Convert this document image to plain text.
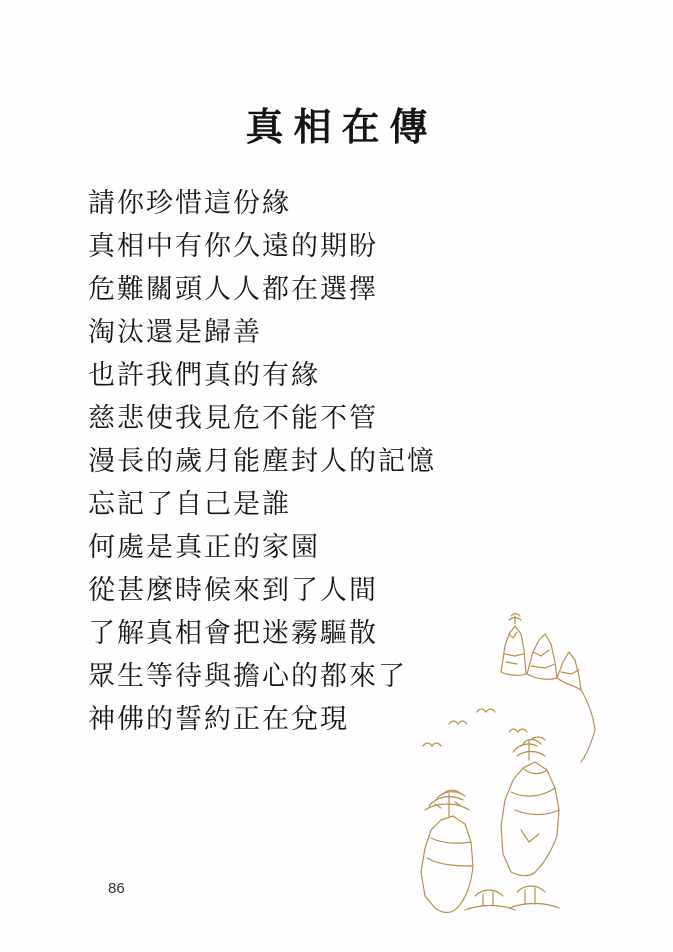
真相在傳
請你珍惜這份緣
真相中有你久遠的期盼
危難關頭人人都在選擇
淘汰還是歸善
也許我們真的有緣
慈悲使我見危不能不管
漫長的歲月能塵封人的記憶
忘記了自己是誰
何處是真正的家園
從甚麼時候來到了人間
了解真相會把迷霧驅散
眾生等待與擔心的都來了
神佛的誓約正在兌現
86
